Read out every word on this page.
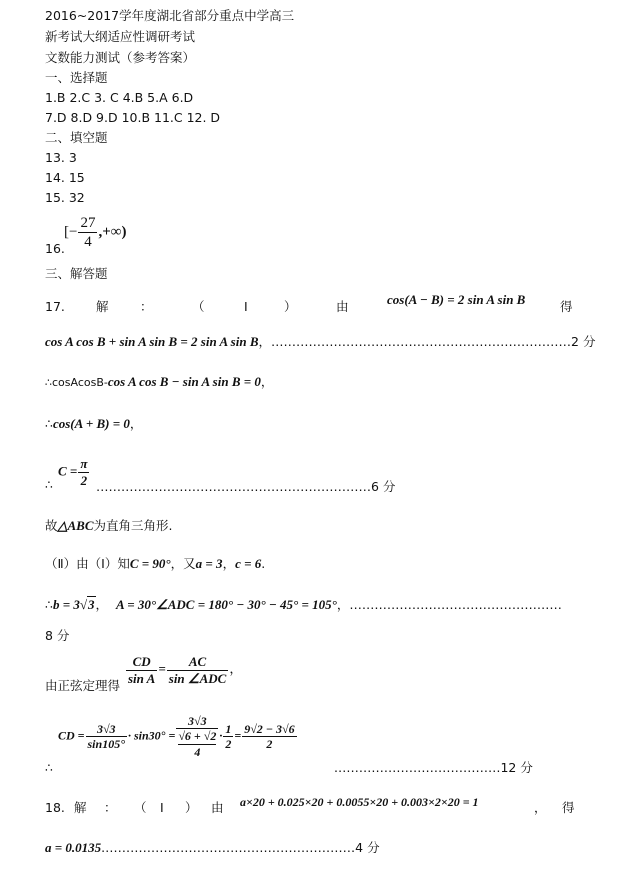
2016~2017学年度湖北省部分重点中学高三
新考试大纲适应性调研考试
文数能力测试（参考答案）
一、选择题
1.B 2.C 3. C 4.B 5.A 6.D
7.D 8.D 9.D 10.B 11.C 12. D
二、填空题
13. 3
14. 15
15. 32
16.
[− $\frac{27}{4}$ ,+∞)
三、解答题
17. 解	：	（	Ⅰ	）	由	cos(A − B) = 2 sin A sin B	得
cos A cos B + sin A sin B = 2 sin A sin B，………………………………………………………………2 分
∴cosAcosB-cos A cos B − sin A sin B = 0，
∴cos(A + B) = 0，
∴
$C = \frac{\pi}{2}$ …………………………………………………………6 分
故△ABC为直角三角形.
（Ⅱ）由（Ⅰ）知C = 90°，又a = 3，c = 6.
∴b = 3√3， A = 30°∠ADC = 180° − 30° − 45° = 105°，……………………………………………
8 分
由正弦定理得 $\frac{CD}{\text{sin A}} = \frac{AC}{\text{sin ∠ADC}}$ ，
∴
CD = $\frac{3√3}{\sin 105^\circ} \cdot \sin 30^\circ = 3√3$
√6 + √2
$4 \cdot \frac{1}{2} = \frac{9√2 - 3√6}{2}$
.…………………………………12 分
18. 解 ： （ Ⅰ ） 由 a×20 + 0.025×20 + 0.0055×20 + 0.003×2×20 = 1	， 得
a = 0.0135.……………………………………………………4 分
